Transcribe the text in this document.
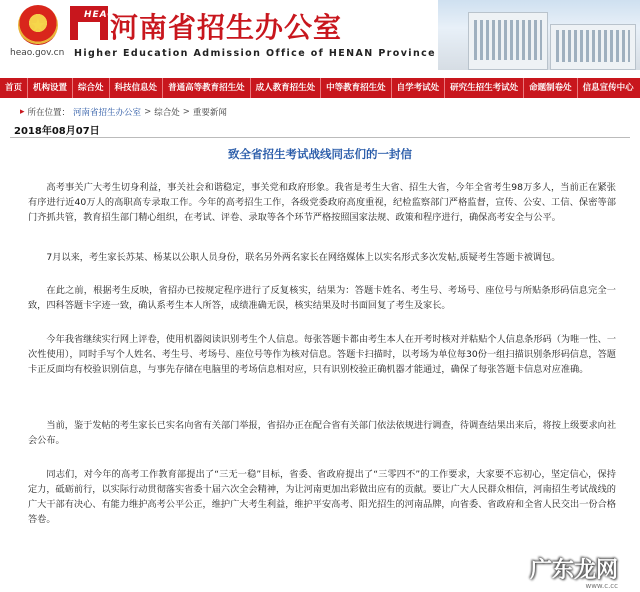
★
heao.gov.cn
HEAO
河南省招生办公室
Higher Education Admission Office of HENAN Province
首页	机构设置	综合处	科技信息处	普通高等教育招生处	成人教育招生处	中等教育招生处	自学考试处	研究生招生考试处	命题制卷处	信息宣传中心
▸ 所在位置： 河南省招生办公室 > 综合处 > 重要新闻
2018年08月07日
致全省招生考试战线同志们的一封信

高考事关广大考生切身利益，事关社会和谐稳定，事关党和政府形象。我省是考生大省、招生大省，今年全省考生98万多人，当前正在紧张有序进行近40万人的高职高专录取工作。今年的高考招生工作，各级党委政府高度重视，纪检监察部门严格监督，宣传、公安、工信、保密等部门齐抓共管，教育招生部门精心组织，在考试、评卷、录取等各个环节严格按照国家法规、政策和程序进行，确保高考安全与公平。

7月以来，考生家长苏某、杨某以公职人员身份，联名另外两名家长在网络媒体上以实名形式多次发帖,质疑考生答题卡被调包。

在此之前，根据考生反映，省招办已按规定程序进行了反复核实，结果为：答题卡姓名、考生号、考场号、座位号与所贴条形码信息完全一致，四科答题卡字迹一致，确认系考生本人所答，成绩准确无误，核实结果及时书面回复了考生及家长。

今年我省继续实行网上评卷，使用机器阅读识别考生个人信息。每张答题卡都由考生本人在开考时核对并粘贴个人信息条形码（为唯一性、一次性使用），同时手写个人姓名、考生号、考场号、座位号等作为核对信息。答题卡扫描时，以考场为单位每30份一组扫描识别条形码信息，答题卡正反面均有校验识别信息，与事先存储在电脑里的考场信息相对应，只有识别校验正确机器才能通过，确保了每张答题卡信息对应准确。

当前，鉴于发帖的考生家长已实名向省有关部门举报，省招办正在配合省有关部门依法依规进行调查，待调查结果出来后，将按上级要求向社会公布。

同志们，对今年的高考工作教育部提出了“三无一稳”目标，省委、省政府提出了“三零四不”的工作要求，大家要不忘初心，坚定信心，保持定力，砥砺前行，以实际行动贯彻落实省委十届六次全会精神，为让河南更加出彩做出应有的贡献。要让广大人民群众相信，河南招生考试战线的广大干部有决心、有能力维护高考公平公正，维护广大考生利益，维护平安高考、阳光招生的河南品牌，向省委、省政府和全省人民交出一份合格答卷。

广东龙网
www.c.cc
